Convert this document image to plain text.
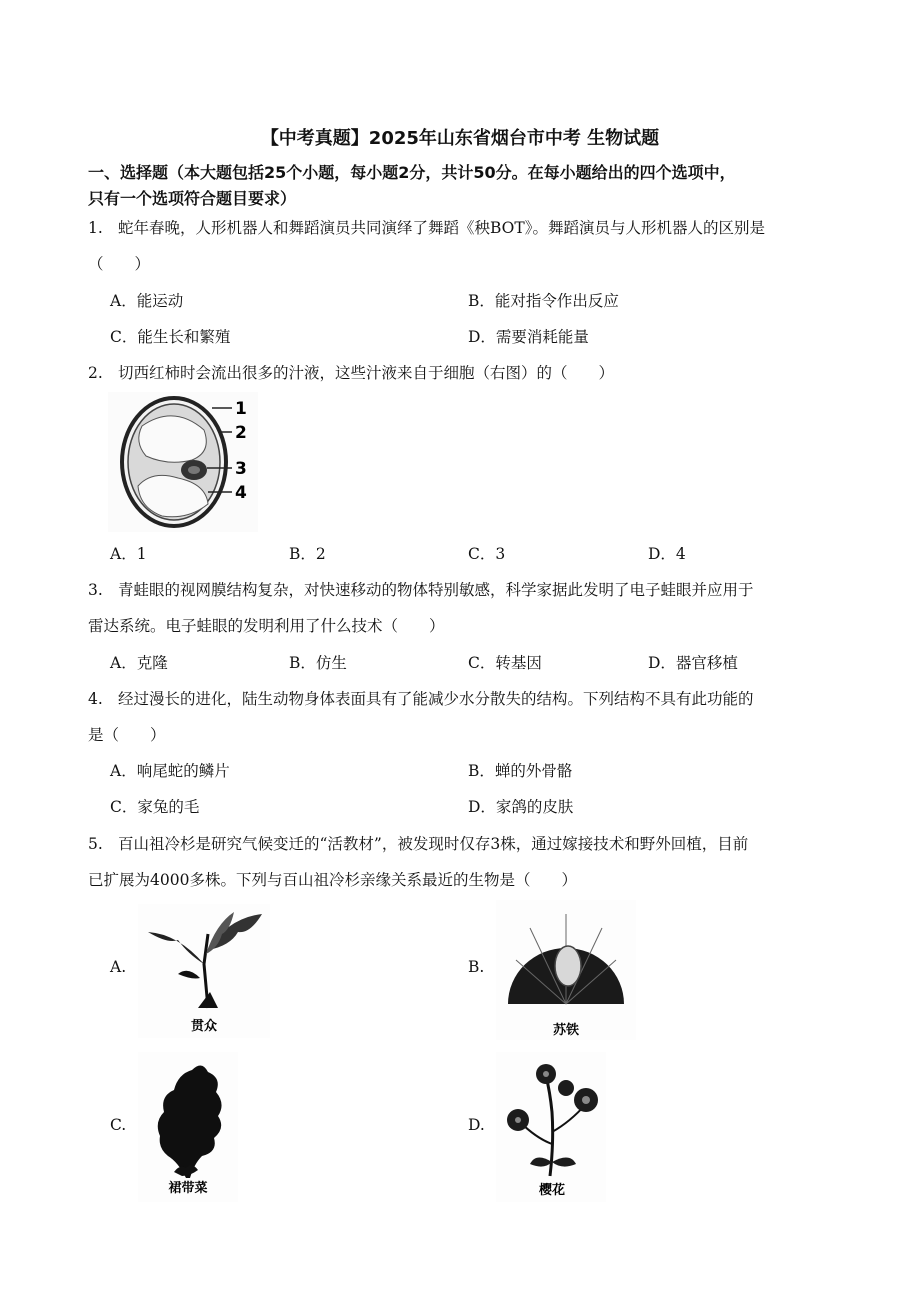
【中考真题】2025年山东省烟台市中考 生物试题
一、选择题（本大题包括25个小题，每小题2分，共计50分。在每小题给出的四个选项中，
只有一个选项符合题目要求）
1. 蛇年春晚，人形机器人和舞蹈演员共同演绎了舞蹈《秧BOT》。舞蹈演员与人形机器人的区别是
（　　）
A．能运动	B．能对指令作出反应
C．能生长和繁殖	D．需要消耗能量
2. 切西红柿时会流出很多的汁液，这些汁液来自于细胞（右图）的（　　）
1
2
3
4
A．1	B．2	C．3	D．4
3. 青蛙眼的视网膜结构复杂，对快速移动的物体特别敏感，科学家据此发明了电子蛙眼并应用于
雷达系统。电子蛙眼的发明利用了什么技术（　　）
A．克隆	B．仿生	C．转基因	D．器官移植
4. 经过漫长的进化，陆生动物身体表面具有了能减少水分散失的结构。下列结构不具有此功能的
是（　　）
A．响尾蛇的鳞片	B．蝉的外骨骼
C．家兔的毛	D．家鸽的皮肤
5. 百山祖冷杉是研究气候变迁的“活教材”，被发现时仅存3株，通过嫁接技术和野外回植，目前
已扩展为4000多株。下列与百山祖冷杉亲缘关系最近的生物是（　　）
A.
贯众
B.
苏铁
C.
裙带菜
D.
樱花
